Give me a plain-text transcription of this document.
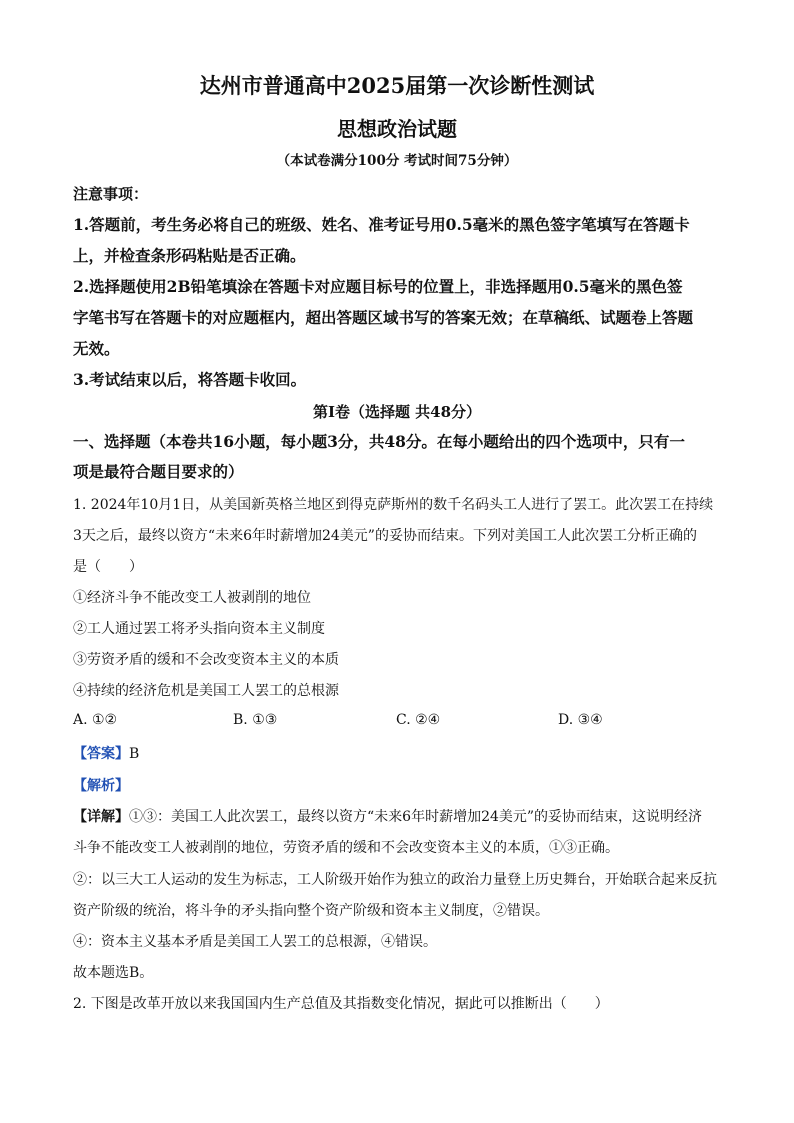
达州市普通高中2025届第一次诊断性测试
思想政治试题
（本试卷满分100分 考试时间75分钟）
注意事项：
1.答题前，考生务必将自己的班级、姓名、准考证号用0.5毫米的黑色签字笔填写在答题卡
上，并检查条形码粘贴是否正确。
2.选择题使用2B铅笔填涂在答题卡对应题目标号的位置上，非选择题用0.5毫米的黑色签
字笔书写在答题卡的对应题框内，超出答题区域书写的答案无效；在草稿纸、试题卷上答题
无效。
3.考试结束以后，将答题卡收回。
第Ⅰ卷（选择题 共48分）
一、选择题（本卷共16小题，每小题3分，共48分。在每小题给出的四个选项中，只有一
项是最符合题目要求的）
1. 2024年10月1日，从美国新英格兰地区到得克萨斯州的数千名码头工人进行了罢工。此次罢工在持续
3天之后，最终以资方“未来6年时薪增加24美元”的妥协而结束。下列对美国工人此次罢工分析正确的
是（　　）
①经济斗争不能改变工人被剥削的地位
②工人通过罢工将矛头指向资本主义制度
③劳资矛盾的缓和不会改变资本主义的本质
④持续的经济危机是美国工人罢工的总根源
A. ①②	B. ①③	C. ②④	D. ③④
【答案】B
【解析】
【详解】①③：美国工人此次罢工，最终以资方“未来6年时薪增加24美元”的妥协而结束，这说明经济
斗争不能改变工人被剥削的地位，劳资矛盾的缓和不会改变资本主义的本质，①③正确。
②：以三大工人运动的发生为标志，工人阶级开始作为独立的政治力量登上历史舞台，开始联合起来反抗
资产阶级的统治，将斗争的矛头指向整个资产阶级和资本主义制度，②错误。
④：资本主义基本矛盾是美国工人罢工的总根源，④错误。
故本题选B。
2. 下图是改革开放以来我国国内生产总值及其指数变化情况，据此可以推断出（　　）
